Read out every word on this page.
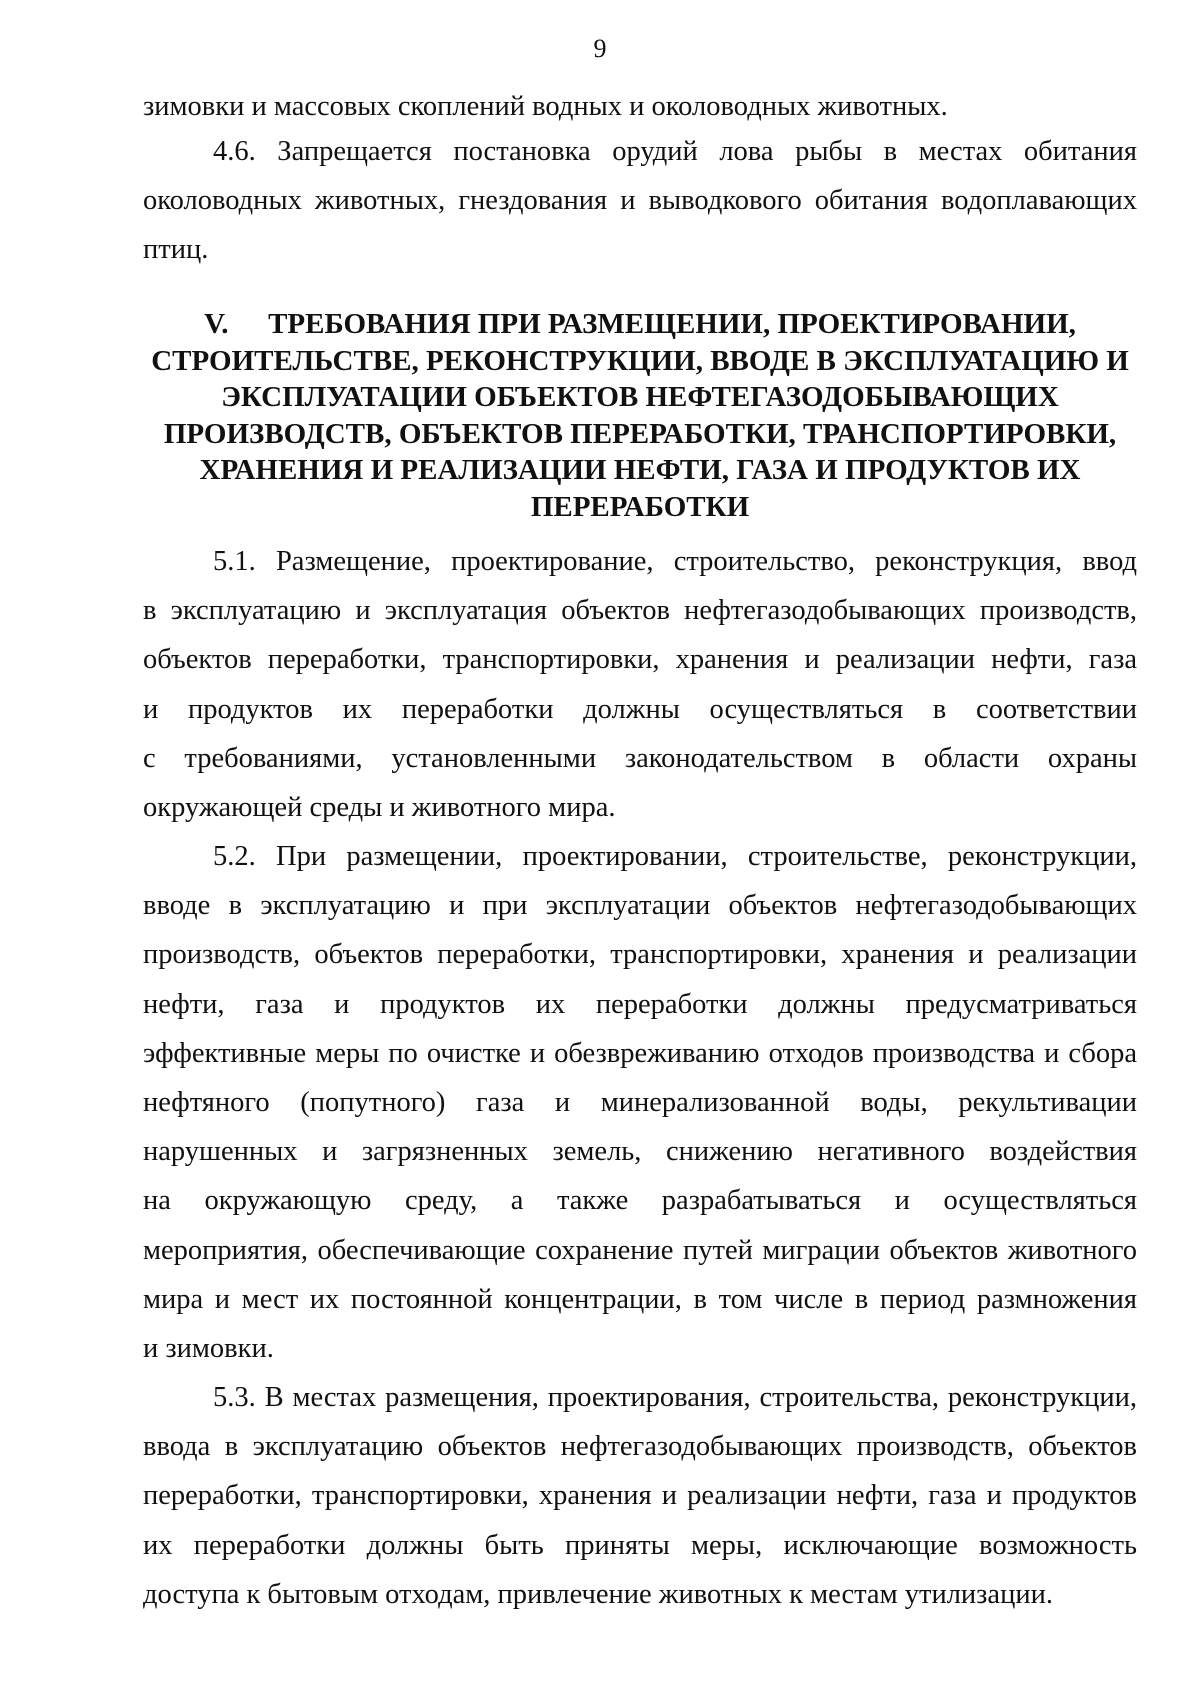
9
зимовки и массовых скоплений водных и околоводных животных.
4.6. Запрещается постановка орудий лова рыбы в местах обитания
околоводных животных, гнездования и выводкового обитания водоплавающих
птиц.
V. ТРЕБОВАНИЯ ПРИ РАЗМЕЩЕНИИ, ПРОЕКТИРОВАНИИ,
СТРОИТЕЛЬСТВЕ, РЕКОНСТРУКЦИИ, ВВОДЕ В ЭКСПЛУАТАЦИЮ И
ЭКСПЛУАТАЦИИ ОБЪЕКТОВ НЕФТЕГАЗОДОБЫВАЮЩИХ
ПРОИЗВОДСТВ, ОБЪЕКТОВ ПЕРЕРАБОТКИ, ТРАНСПОРТИРОВКИ,
ХРАНЕНИЯ И РЕАЛИЗАЦИИ НЕФТИ, ГАЗА И ПРОДУКТОВ ИХ
ПЕРЕРАБОТКИ
5.1. Размещение, проектирование, строительство, реконструкция, ввод
в эксплуатацию и эксплуатация объектов нефтегазодобывающих производств,
объектов переработки, транспортировки, хранения и реализации нефти, газа
и продуктов их переработки должны осуществляться в соответствии
с требованиями, установленными законодательством в области охраны
окружающей среды и животного мира.
5.2. При размещении, проектировании, строительстве, реконструкции,
вводе в эксплуатацию и при эксплуатации объектов нефтегазодобывающих
производств, объектов переработки, транспортировки, хранения и реализации
нефти, газа и продуктов их переработки должны предусматриваться
эффективные меры по очистке и обезвреживанию отходов производства и сбора
нефтяного (попутного) газа и минерализованной воды, рекультивации
нарушенных и загрязненных земель, снижению негативного воздействия
на окружающую среду, а также разрабатываться и осуществляться
мероприятия, обеспечивающие сохранение путей миграции объектов животного
мира и мест их постоянной концентрации, в том числе в период размножения
и зимовки.
5.3. В местах размещения, проектирования, строительства, реконструкции,
ввода в эксплуатацию объектов нефтегазодобывающих производств, объектов
переработки, транспортировки, хранения и реализации нефти, газа и продуктов
их переработки должны быть приняты меры, исключающие возможность
доступа к бытовым отходам, привлечение животных к местам утилизации.
